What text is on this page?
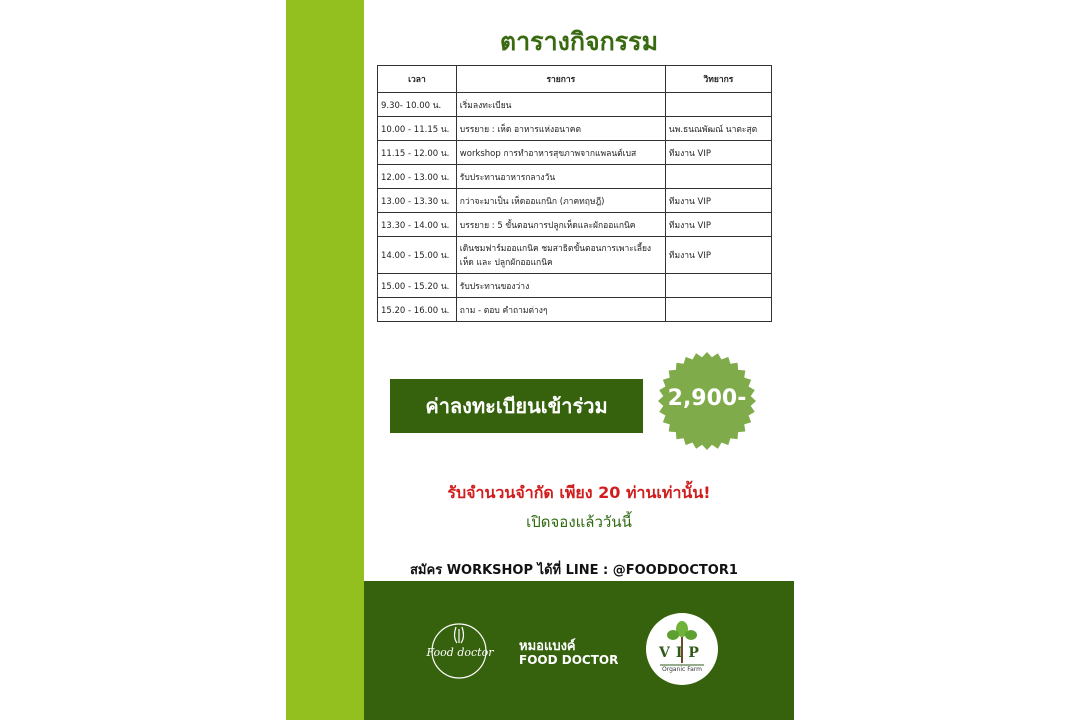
ตารางกิจกรรม
เวลา	รายการ	วิทยากร
9.30- 10.00 น.	เริ่มลงทะเบียน	
10.00 - 11.15 น.	บรรยาย : เห็ด อาหารแห่งอนาคต	นพ.ธนณพัฒณ์ นาตะสุต
11.15 - 12.00 น.	workshop การทำอาหารสุขภาพจากแพลนต์เบส	ทีมงาน VIP
12.00 - 13.00 น.	รับประทานอาหารกลางวัน	
13.00 - 13.30 น.	กว่าจะมาเป็น เห็ดออแกนิก (ภาคทฤษฎี)	ทีมงาน VIP
13.30 - 14.00 น.	บรรยาย : 5 ขั้นตอนการปลูกเห็ดและผักออแกนิค	ทีมงาน VIP
14.00 - 15.00 น.	เดินชมฟาร์มออแกนิค ชมสาธิตขั้นตอนการเพาะเลี้ยงเห็ด และ ปลูกผักออแกนิค	ทีมงาน VIP
15.00 - 15.20 น.	รับประทานของว่าง	
15.20 - 16.00 น.	ถาม - ตอบ คำถามต่างๆ	
ค่าลงทะเบียนเข้าร่วม	2,900-
รับจำนวนจำกัด เพียง 20 ท่านเท่านั้น!
เปิดจองแล้ววันนี้
สมัคร WORKSHOP ได้ที่ LINE : @FOODDOCTOR1
Food doctor หมอแบงค์
FOOD DOCTOR	VIP
Organic Farm
